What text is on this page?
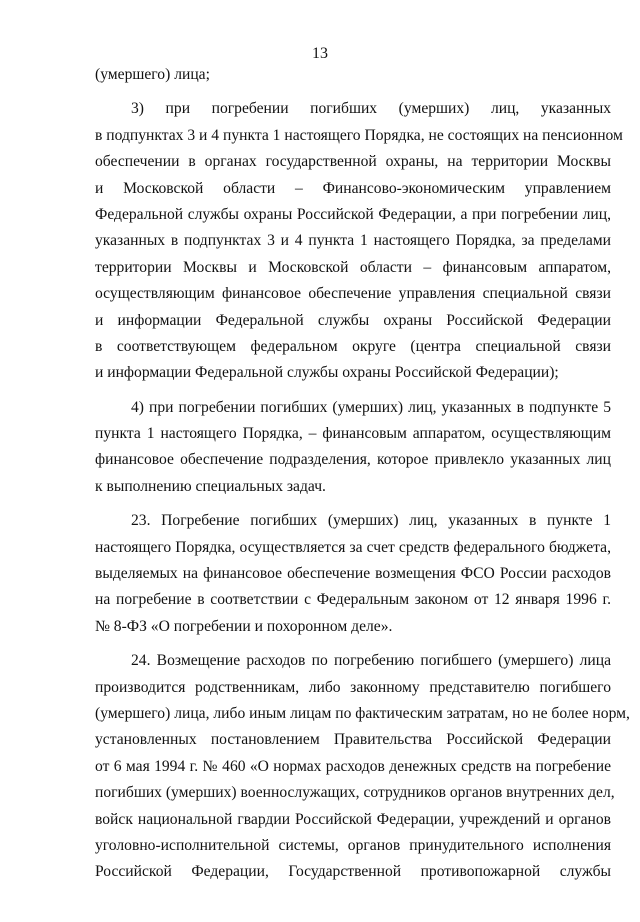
13
(умершего) лица;
3) при погребении погибших (умерших) лиц, указанных
в подпунктах 3 и 4 пункта 1 настоящего Порядка, не состоящих на пенсионном
обеспечении в органах государственной охраны, на территории Москвы
и Московской области – Финансово-экономическим управлением
Федеральной службы охраны Российской Федерации, а при погребении лиц,
указанных в подпунктах 3 и 4 пункта 1 настоящего Порядка, за пределами
территории Москвы и Московской области – финансовым аппаратом,
осуществляющим финансовое обеспечение управления специальной связи
и информации Федеральной службы охраны Российской Федерации
в соответствующем федеральном округе (центра специальной связи
и информации Федеральной службы охраны Российской Федерации);
4) при погребении погибших (умерших) лиц, указанных в подпункте 5
пункта 1 настоящего Порядка, – финансовым аппаратом, осуществляющим
финансовое обеспечение подразделения, которое привлекло указанных лиц
к выполнению специальных задач.
23. Погребение погибших (умерших) лиц, указанных в пункте 1
настоящего Порядка, осуществляется за счет средств федерального бюджета,
выделяемых на финансовое обеспечение возмещения ФСО России расходов
на погребение в соответствии с Федеральным законом от 12 января 1996 г.
№ 8-ФЗ «О погребении и похоронном деле».
24. Возмещение расходов по погребению погибшего (умершего) лица
производится родственникам, либо законному представителю погибшего
(умершего) лица, либо иным лицам по фактическим затратам, но не более норм,
установленных постановлением Правительства Российской Федерации
от 6 мая 1994 г. № 460 «О нормах расходов денежных средств на погребение
погибших (умерших) военнослужащих, сотрудников органов внутренних дел,
войск национальной гвардии Российской Федерации, учреждений и органов
уголовно-исполнительной системы, органов принудительного исполнения
Российской Федерации, Государственной противопожарной службы
